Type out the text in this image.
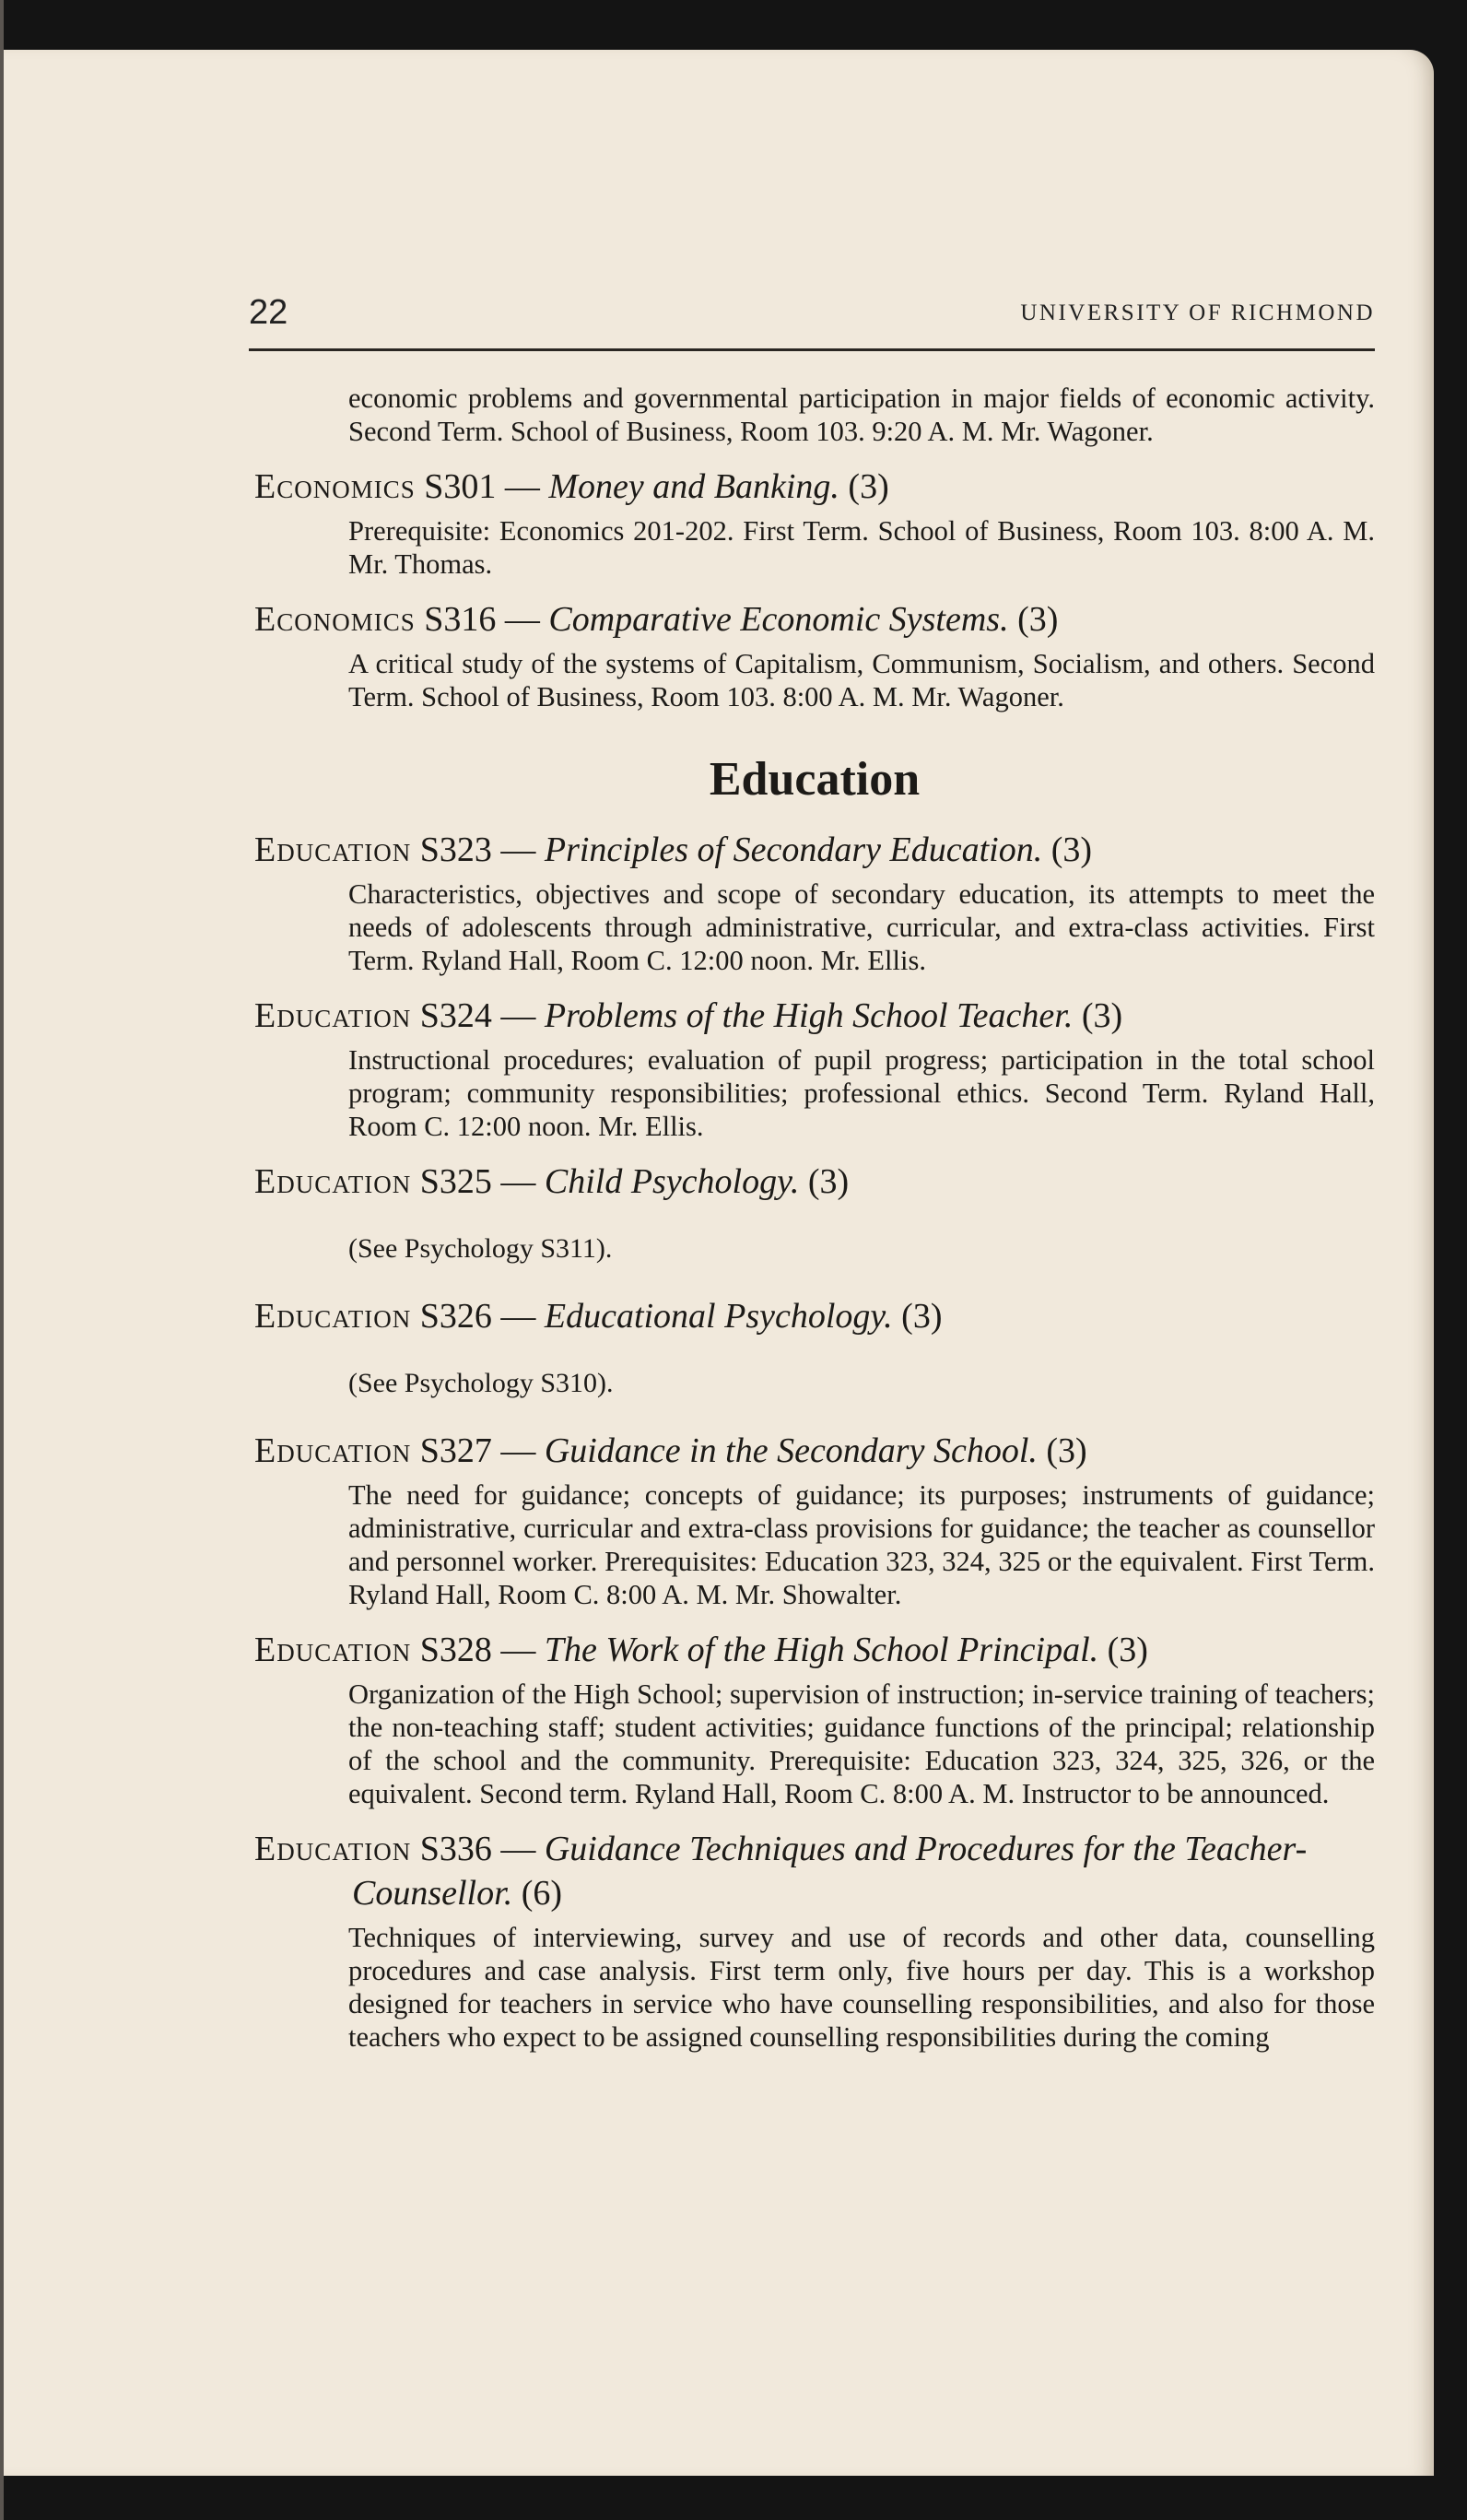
22	UNIVERSITY OF RICHMOND

economic problems and governmental participation in major fields of economic activity. Second Term. School of Business, Room 103. 9:20 A. M. Mr. Wagoner.

Economics S301 — Money and Banking. (3)

Prerequisite: Economics 201-202. First Term. School of Business, Room 103. 8:00 A. M. Mr. Thomas.

Economics S316 — Comparative Economic Systems. (3)

A critical study of the systems of Capitalism, Communism, Socialism, and others. Second Term. School of Business, Room 103. 8:00 A. M. Mr. Wagoner.

Education
Education S323 — Principles of Secondary Education. (3)

Characteristics, objectives and scope of secondary education, its attempts to meet the needs of adolescents through administrative, curricular, and extra-class activities. First Term. Ryland Hall, Room C. 12:00 noon. Mr. Ellis.

Education S324 — Problems of the High School Teacher. (3)

Instructional procedures; evaluation of pupil progress; participation in the total school program; community responsibilities; professional ethics. Second Term. Ryland Hall, Room C. 12:00 noon. Mr. Ellis.

Education S325 — Child Psychology. (3)

(See Psychology S311).

Education S326 — Educational Psychology. (3)

(See Psychology S310).

Education S327 — Guidance in the Secondary School. (3)

The need for guidance; concepts of guidance; its purposes; instruments of guidance; administrative, curricular and extra-class provisions for guidance; the teacher as counsellor and personnel worker. Prerequisites: Education 323, 324, 325 or the equivalent. First Term. Ryland Hall, Room C. 8:00 A. M. Mr. Showalter.

Education S328 — The Work of the High School Principal. (3)

Organization of the High School; supervision of instruction; in-service training of teachers; the non-teaching staff; student activities; guidance functions of the principal; relationship of the school and the community. Prerequisite: Education 323, 324, 325, 326, or the equivalent. Second term. Ryland Hall, Room C. 8:00 A. M. Instructor to be announced.

Education S336 — Guidance Techniques and Procedures for the Teacher-Counsellor. (6)

Techniques of interviewing, survey and use of records and other data, counselling procedures and case analysis. First term only, five hours per day. This is a workshop designed for teachers in service who have counselling responsibilities, and also for those teachers who expect to be assigned counselling responsibilities during the coming
